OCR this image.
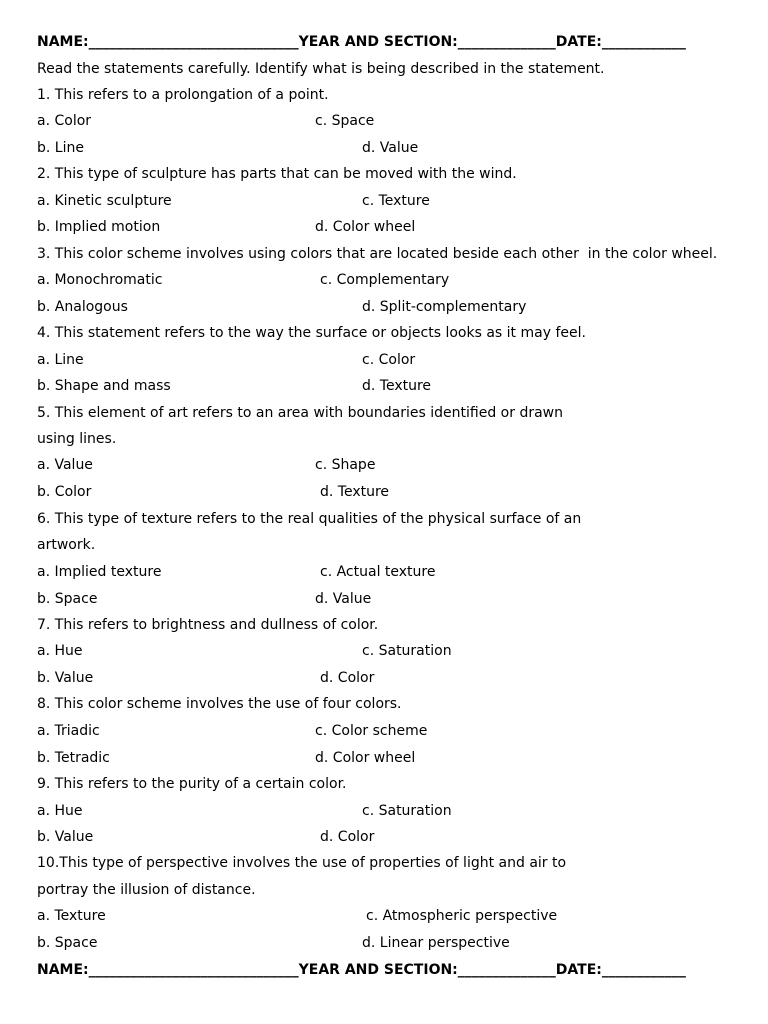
NAME:______________________________YEAR AND SECTION:______________DATE:____________
Read the statements carefully. Identify what is being described in the statement.
1. This refers to a prolongation of a point.
a. Color	c. Space
b. Line	d. Value
2. This type of sculpture has parts that can be moved with the wind.
a. Kinetic sculpture	c. Texture
b. Implied motion	d. Color wheel
3. This color scheme involves using colors that are located beside each other  in the color wheel.
a. Monochromatic	c. Complementary
b. Analogous	d. Split-complementary
4. This statement refers to the way the surface or objects looks as it may feel.
a. Line	c. Color
b. Shape and mass	d. Texture
5. This element of art refers to an area with boundaries identified or drawn
using lines.
a. Value	c. Shape
b. Color	d. Texture
6. This type of texture refers to the real qualities of the physical surface of an
artwork.
a. Implied texture	c. Actual texture
b. Space	d. Value
7. This refers to brightness and dullness of color.
a. Hue	c. Saturation
b. Value	d. Color
8. This color scheme involves the use of four colors.
a. Triadic	c. Color scheme
b. Tetradic	d. Color wheel
9. This refers to the purity of a certain color.
a. Hue	c. Saturation
b. Value	d. Color
10.This type of perspective involves the use of properties of light and air to
portray the illusion of distance.
a. Texture	c. Atmospheric perspective
b. Space	d. Linear perspective
NAME:______________________________YEAR AND SECTION:______________DATE:____________
